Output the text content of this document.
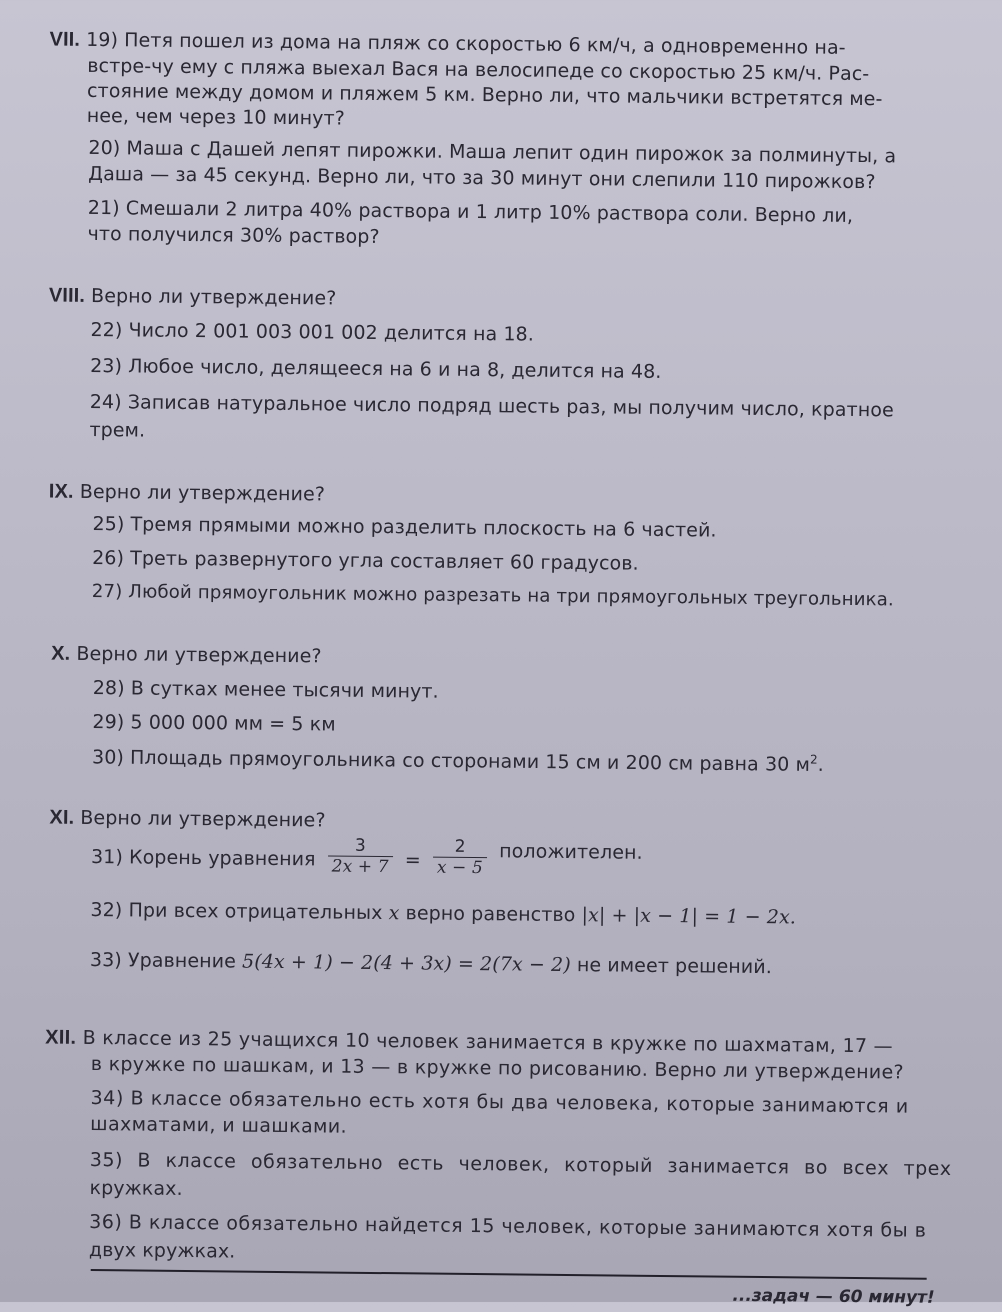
VII. 19) Петя пошел из дома на пляж со скоростью 6 км/ч, а одновременно на-
встре-чу ему с пляжа выехал Вася на велосипеде со скоростью 25 км/ч. Рас-
стояние между домом и пляжем 5 км. Верно ли, что мальчики встретятся ме-
нее, чем через 10 минут?
20) Маша с Дашей лепят пирожки. Маша лепит один пирожок за полминуты, а
Даша — за 45 секунд. Верно ли, что за 30 минут они слепили 110 пирожков?
21) Смешали 2 литра 40% раствора и 1 литр 10% раствора соли. Верно ли,
что получился 30% раствор?
VIII. Верно ли утверждение?
22) Число 2 001 003 001 002 делится на 18.
23) Любое число, делящееся на 6 и на 8, делится на 48.
24) Записав натуральное число подряд шесть раз, мы получим число, кратное
трем.
IX. Верно ли утверждение?
25) Тремя прямыми можно разделить плоскость на 6 частей.
26) Треть развернутого угла составляет 60 градусов.
27) Любой прямоугольник можно разрезать на три прямоугольных треугольника.
X. Верно ли утверждение?
28) В сутках менее тысячи минут.
29) 5 000 000 мм = 5 км
30) Площадь прямоугольника со сторонами 15 см и 200 см равна 30 $м^2$.
XI. Верно ли утверждение?
31) Корень уравнения $\frac{3}{2x + 7} = \frac{2}{x - 5}$ положителен.
32) При всех отрицательных x верно равенство |x| + |x − 1| = 1 − 2x.
33) Уравнение 5(4x + 1) − 2(4 + 3x) = 2(7x − 2) не имеет решений.
XII. В классе из 25 учащихся 10 человек занимается в кружке по шахматам, 17 —
в кружке по шашкам, и 13 — в кружке по рисованию. Верно ли утверждение?
34) В классе обязательно есть хотя бы два человека, которые занимаются и
шахматами, и шашками.
35) В классе обязательно есть человек, который занимается во всех трех
кружках.
36) В классе обязательно найдется 15 человек, которые занимаются хотя бы в
двух кружках.
...задач — 60 минут!
